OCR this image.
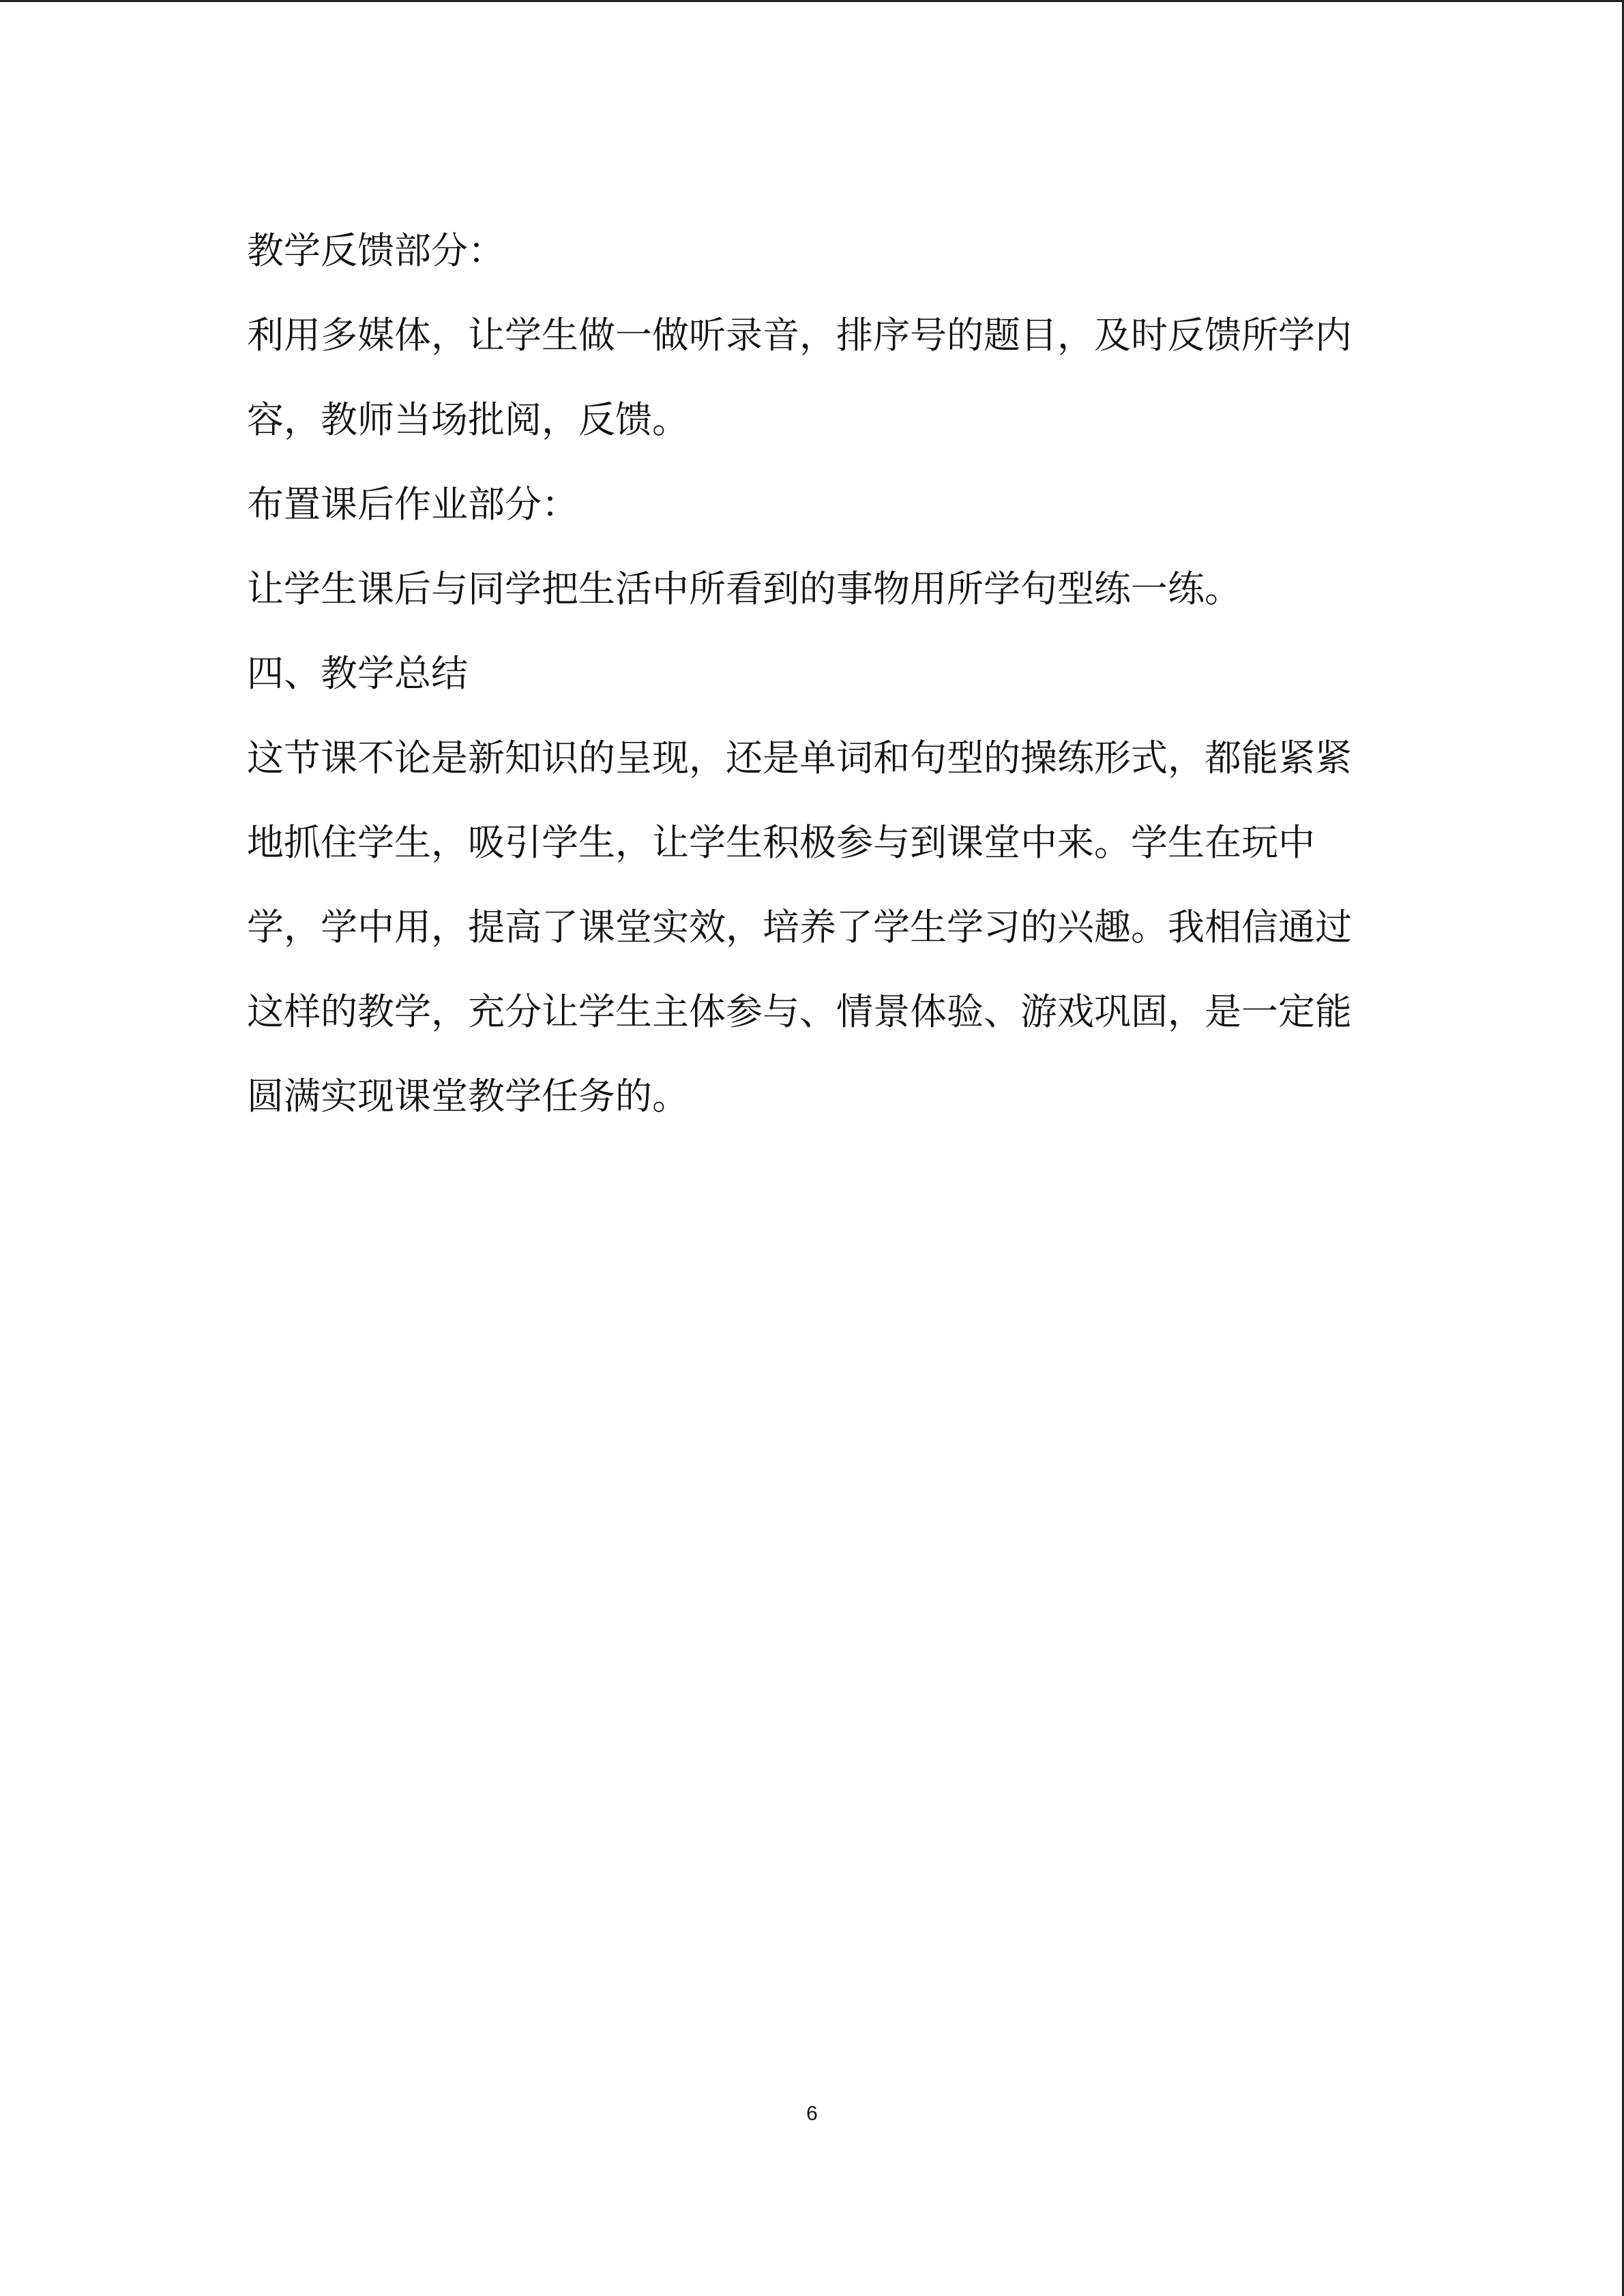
教学反馈部分：

利用多媒体，让学生做一做听录音，排序号的题目，及时反馈所学内容，教师当场批阅，反馈。

布置课后作业部分：

让学生课后与同学把生活中所看到的事物用所学句型练一练。

四、教学总结

这节课不论是新知识的呈现，还是单词和句型的操练形式，都能紧紧地抓住学生，吸引学生，让学生积极参与到课堂中来。学生在玩中学，学中用，提高了课堂实效，培养了学生学习的兴趣。我相信通过这样的教学，充分让学生主体参与、情景体验、游戏巩固，是一定能圆满实现课堂教学任务的。

6
